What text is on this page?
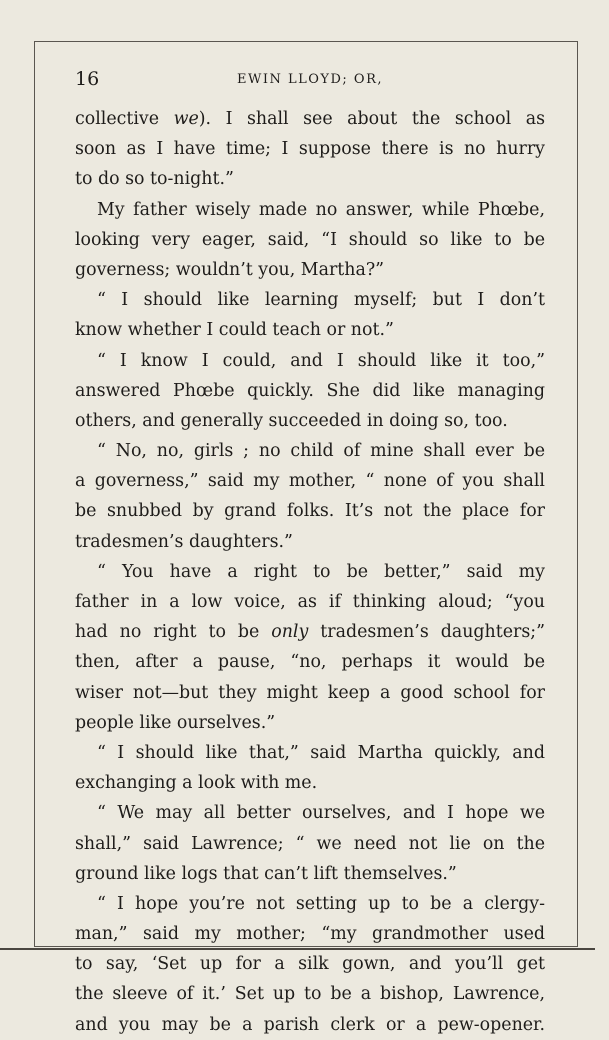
16	EWIN LLOYD; OR,
collective we). I shall see about the school as
soon as I have time; I suppose there is no hurry
to do so to-night.”
My father wisely made no answer, while Phœbe,
looking very eager, said, “I should so like to be
governess; wouldn’t you, Martha?”
“ I should like learning myself; but I don’t
know whether I could teach or not.”
“ I know I could, and I should like it too,”
answered Phœbe quickly. She did like managing
others, and generally succeeded in doing so, too.
“ No, no, girls ; no child of mine shall ever be
a governess,” said my mother, “ none of you shall
be snubbed by grand folks. It’s not the place for
tradesmen’s daughters.”
“ You have a right to be better,” said my
father in a low voice, as if thinking aloud; “you
had no right to be only tradesmen’s daughters;”
then, after a pause, “no, perhaps it would be
wiser not—but they might keep a good school for
people like ourselves.”
“ I should like that,” said Martha quickly, and
exchanging a look with me.
“ We may all better ourselves, and I hope we
shall,” said Lawrence; “ we need not lie on the
ground like logs that can’t lift themselves.”
“ I hope you’re not setting up to be a clergy-
man,” said my mother; “my grandmother used
to say, ‘Set up for a silk gown, and you’ll get
the sleeve of it.’ Set up to be a bishop, Lawrence,
and you may be a parish clerk or a pew-opener.
